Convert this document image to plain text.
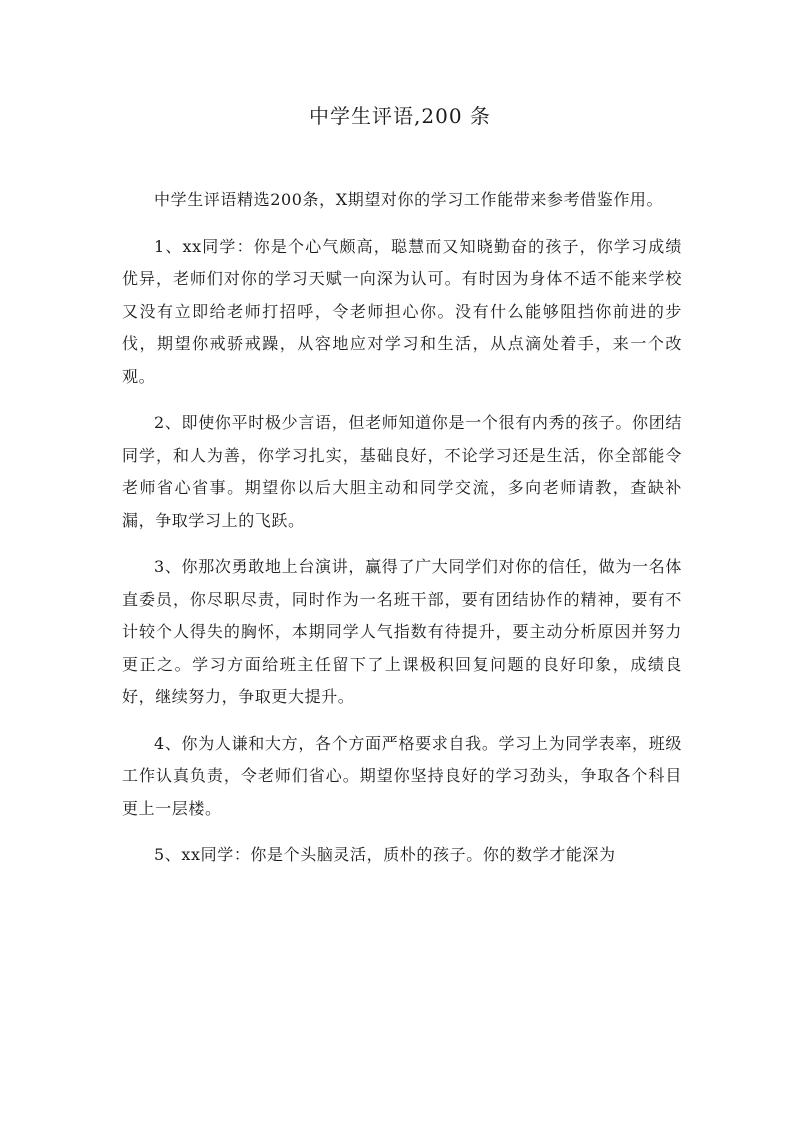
中学生评语,200 条

中学生评语精选200条，X期望对你的学习工作能带来参考借鉴作用。

1、xx同学：你是个心气颇高，聪慧而又知晓勤奋的孩子，你学习成绩优异，老师们对你的学习天赋一向深为认可。有时因为身体不适不能来学校又没有立即给老师打招呼，令老师担心你。没有什么能够阻挡你前进的步伐，期望你戒骄戒躁，从容地应对学习和生活，从点滴处着手，来一个改观。

2、即使你平时极少言语，但老师知道你是一个很有内秀的孩子。你团结同学，和人为善，你学习扎实，基础良好，不论学习还是生活，你全部能令老师省心省事。期望你以后大胆主动和同学交流，多向老师请教，查缺补漏，争取学习上的飞跃。

3、你那次勇敢地上台演讲，赢得了广大同学们对你的信任，做为一名体直委员，你尽职尽责，同时作为一名班干部，要有团结协作的精神，要有不计较个人得失的胸怀，本期同学人气指数有待提升，要主动分析原因并努力更正之。学习方面给班主任留下了上课极积回复问题的良好印象，成绩良好，继续努力，争取更大提升。

4、你为人谦和大方，各个方面严格要求自我。学习上为同学表率，班级工作认真负责，令老师们省心。期望你坚持良好的学习劲头，争取各个科目更上一层楼。

5、xx同学：你是个头脑灵活，质朴的孩子。你的数学才能深为
